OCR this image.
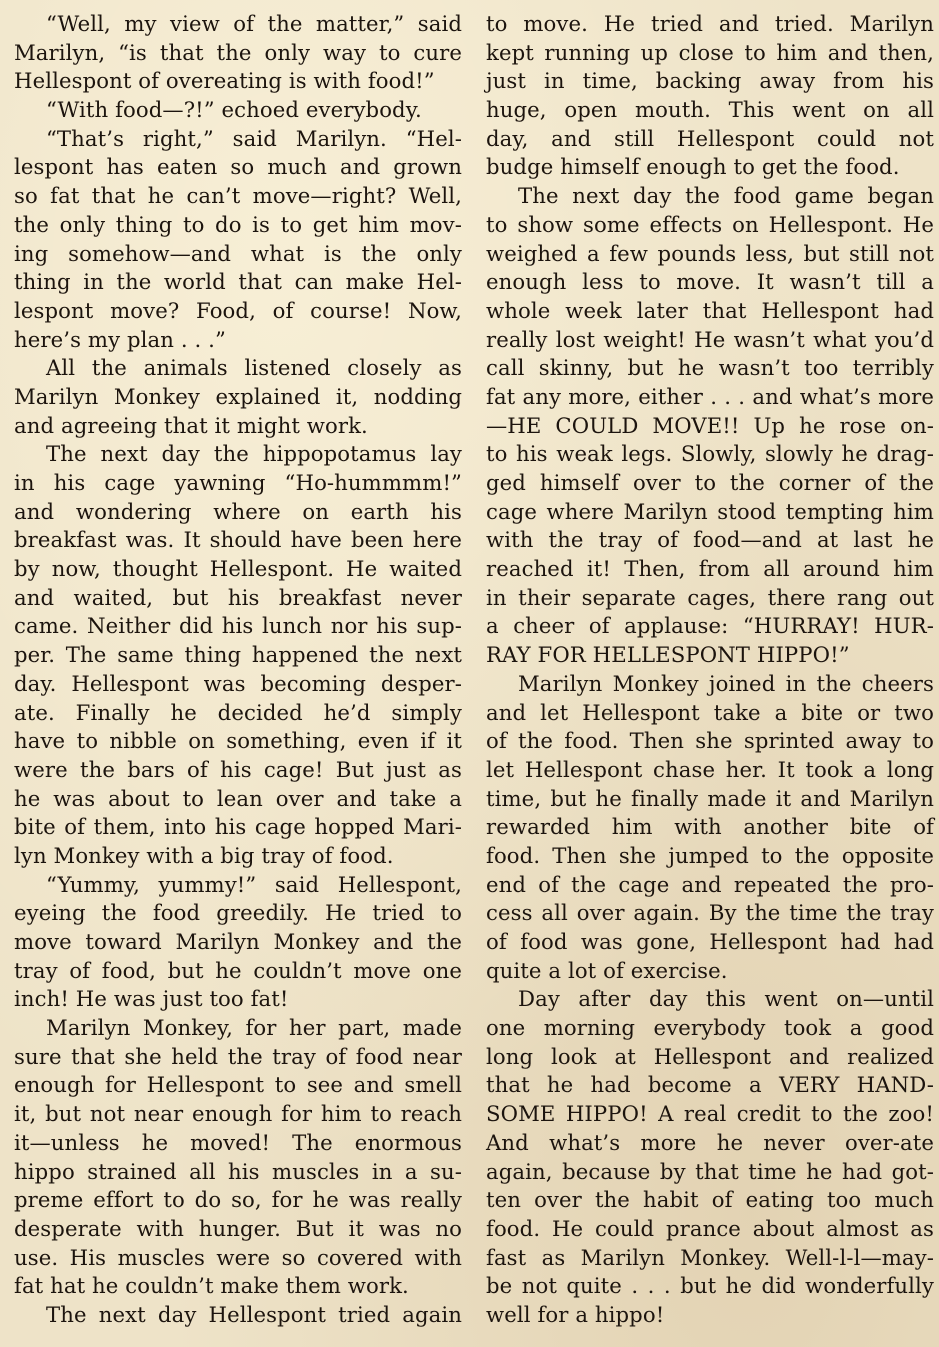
“Well, my view of the matter,” said
Marilyn, “is that the only way to cure
Hellespont of overeating is with food!”
“With food—?!” echoed everybody.
“That’s right,” said Marilyn. “Hel-
lespont has eaten so much and grown
so fat that he can’t move—right? Well,
the only thing to do is to get him mov-
ing somehow—and what is the only
thing in the world that can make Hel-
lespont move? Food, of course! Now,
here’s my plan . . .”
All the animals listened closely as
Marilyn Monkey explained it, nodding
and agreeing that it might work.
The next day the hippopotamus lay
in his cage yawning “Ho-hummmm!”
and wondering where on earth his
breakfast was. It should have been here
by now, thought Hellespont. He waited
and waited, but his breakfast never
came. Neither did his lunch nor his sup-
per. The same thing happened the next
day. Hellespont was becoming desper-
ate. Finally he decided he’d simply
have to nibble on something, even if it
were the bars of his cage! But just as
he was about to lean over and take a
bite of them, into his cage hopped Mari-
lyn Monkey with a big tray of food.
“Yummy, yummy!” said Hellespont,
eyeing the food greedily. He tried to
move toward Marilyn Monkey and the
tray of food, but he couldn’t move one
inch! He was just too fat!
Marilyn Monkey, for her part, made
sure that she held the tray of food near
enough for Hellespont to see and smell
it, but not near enough for him to reach
it—unless he moved! The enormous
hippo strained all his muscles in a su-
preme effort to do so, for he was really
desperate with hunger. But it was no
use. His muscles were so covered with
fat hat he couldn’t make them work.
The next day Hellespont tried again
to move. He tried and tried. Marilyn
kept running up close to him and then,
just in time, backing away from his
huge, open mouth. This went on all
day, and still Hellespont could not
budge himself enough to get the food.
The next day the food game began
to show some effects on Hellespont. He
weighed a few pounds less, but still not
enough less to move. It wasn’t till a
whole week later that Hellespont had
really lost weight! He wasn’t what you’d
call skinny, but he wasn’t too terribly
fat any more, either . . . and what’s more
—HE COULD MOVE!! Up he rose on-
to his weak legs. Slowly, slowly he drag-
ged himself over to the corner of the
cage where Marilyn stood tempting him
with the tray of food—and at last he
reached it! Then, from all around him
in their separate cages, there rang out
a cheer of applause: “HURRAY! HUR-
RAY FOR HELLESPONT HIPPO!”
Marilyn Monkey joined in the cheers
and let Hellespont take a bite or two
of the food. Then she sprinted away to
let Hellespont chase her. It took a long
time, but he finally made it and Marilyn
rewarded him with another bite of
food. Then she jumped to the opposite
end of the cage and repeated the pro-
cess all over again. By the time the tray
of food was gone, Hellespont had had
quite a lot of exercise.
Day after day this went on—until
one morning everybody took a good
long look at Hellespont and realized
that he had become a VERY HAND-
SOME HIPPO! A real credit to the zoo!
And what’s more he never over-ate
again, because by that time he had got-
ten over the habit of eating too much
food. He could prance about almost as
fast as Marilyn Monkey. Well-l-l—may-
be not quite . . . but he did wonderfully
well for a hippo!
